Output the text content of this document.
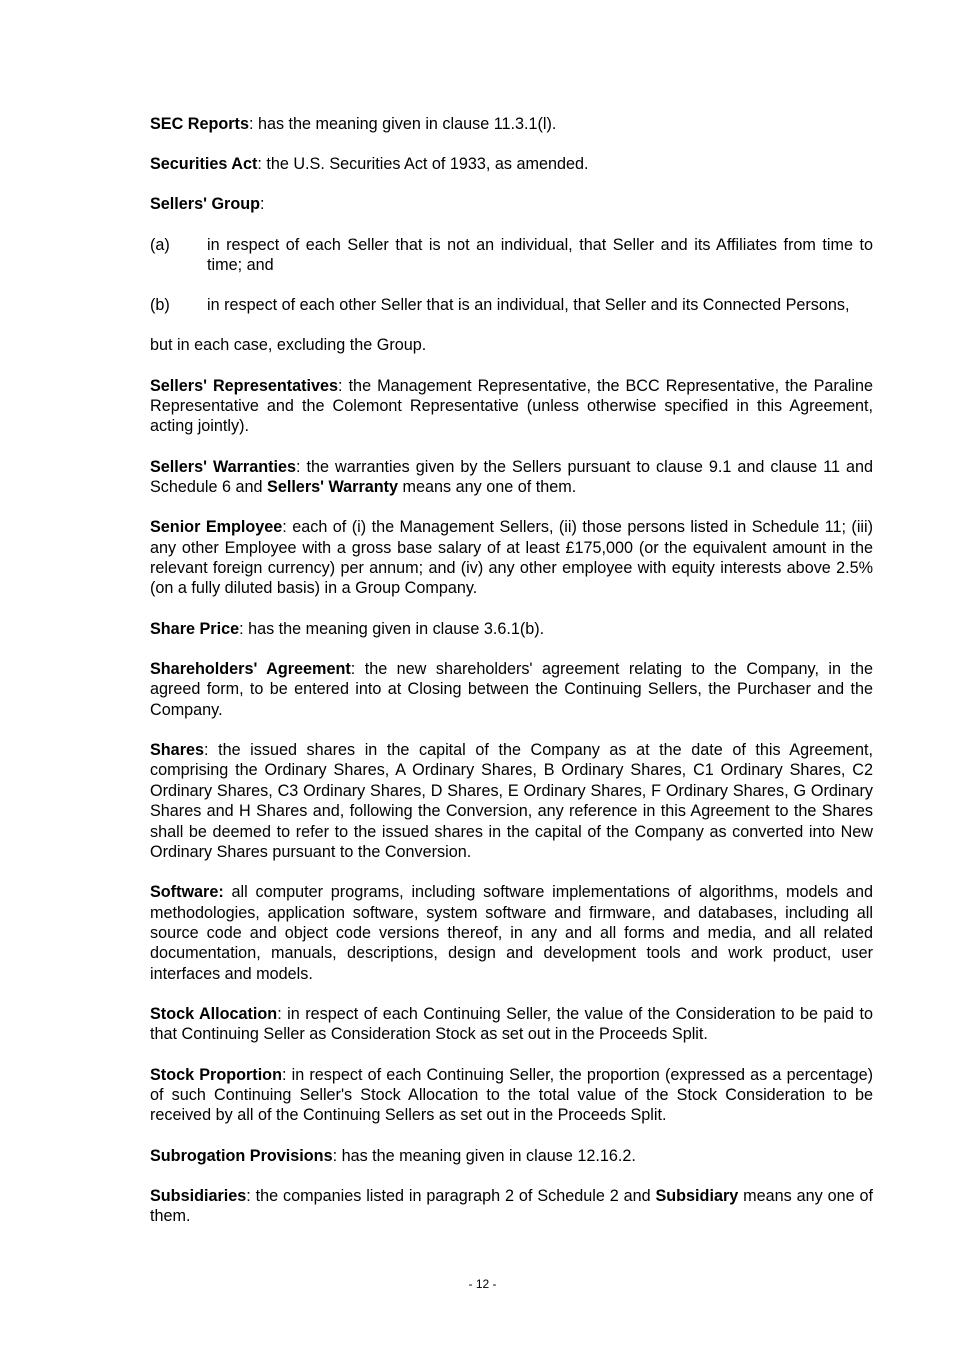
SEC Reports: has the meaning given in clause 11.3.1(l).

Securities Act: the U.S. Securities Act of 1933, as amended.

Sellers' Group:

(a)	in respect of each Seller that is not an individual, that Seller and its Affiliates from time to time; and
(b)	in respect of each other Seller that is an individual, that Seller and its Connected Persons,

but in each case, excluding the Group.

Sellers' Representatives: the Management Representative, the BCC Representative, the Paraline Representative and the Colemont Representative (unless otherwise specified in this Agreement, acting jointly).

Sellers' Warranties: the warranties given by the Sellers pursuant to clause 9.1 and clause 11 and Schedule 6 and Sellers' Warranty means any one of them.

Senior Employee: each of (i) the Management Sellers, (ii) those persons listed in Schedule 11; (iii) any other Employee with a gross base salary of at least £175,000 (or the equivalent amount in the relevant foreign currency) per annum; and (iv) any other employee with equity interests above 2.5% (on a fully diluted basis) in a Group Company.

Share Price: has the meaning given in clause 3.6.1(b).

Shareholders' Agreement: the new shareholders' agreement relating to the Company, in the agreed form, to be entered into at Closing between the Continuing Sellers, the Purchaser and the Company.

Shares: the issued shares in the capital of the Company as at the date of this Agreement, comprising the Ordinary Shares, A Ordinary Shares, B Ordinary Shares, C1 Ordinary Shares, C2 Ordinary Shares, C3 Ordinary Shares, D Shares, E Ordinary Shares, F Ordinary Shares, G Ordinary Shares and H Shares and, following the Conversion, any reference in this Agreement to the Shares shall be deemed to refer to the issued shares in the capital of the Company as converted into New Ordinary Shares pursuant to the Conversion.

Software: all computer programs, including software implementations of algorithms, models and methodologies, application software, system software and firmware, and databases, including all source code and object code versions thereof, in any and all forms and media, and all related documentation, manuals, descriptions, design and development tools and work product, user interfaces and models.

Stock Allocation: in respect of each Continuing Seller, the value of the Consideration to be paid to that Continuing Seller as Consideration Stock as set out in the Proceeds Split.

Stock Proportion: in respect of each Continuing Seller, the proportion (expressed as a percentage) of such Continuing Seller's Stock Allocation to the total value of the Stock Consideration to be received by all of the Continuing Sellers as set out in the Proceeds Split.

Subrogation Provisions: has the meaning given in clause 12.16.2.

Subsidiaries: the companies listed in paragraph 2 of Schedule 2 and Subsidiary means any one of them.

- 12 -
